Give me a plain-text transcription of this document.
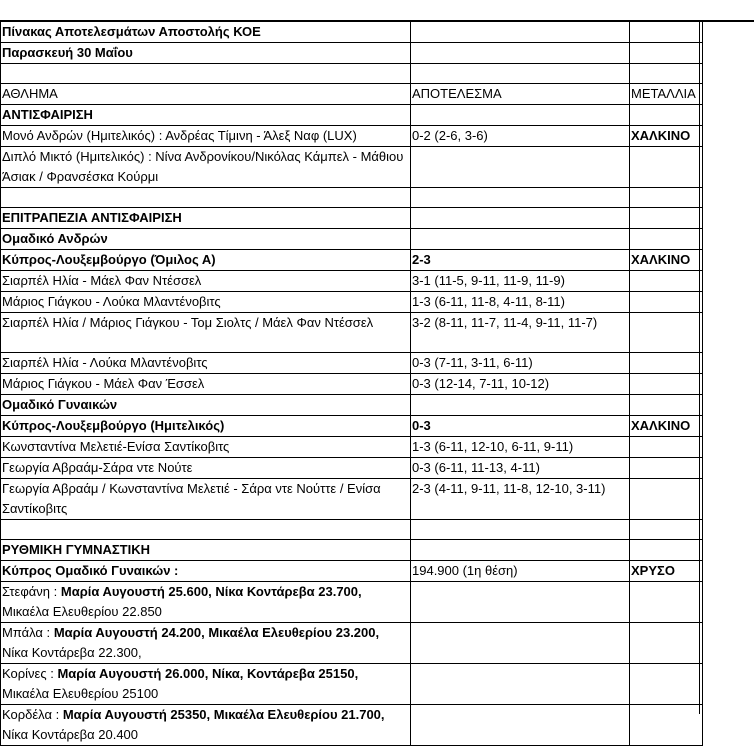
Πίνακας Αποτελεσμάτων Αποστολής ΚΟΕ		
Παρασκευή 30 Μαΐου		

ΑΘΛΗΜΑ	ΑΠΟΤΕΛΕΣΜΑ	ΜΕΤΑΛΛΙΑ
ΑΝΤΙΣΦΑΙΡΙΣΗ		
Μονό Ανδρών (Ημιτελικός) : Ανδρέας Τίμινη - Άλεξ Ναφ (LUX)	0-2 (2-6, 3-6)	ΧΑΛΚΙΝΟ
Διπλό Μικτό (Ημιτελικός) : Νίνα Ανδρονίκου/Νικόλας Κάμπελ - Μάθιου Άσιακ / Φρανσέσκα Κούρμι		

ΕΠΙΤΡΑΠΕΖΙΑ ΑΝΤΙΣΦΑΙΡΙΣΗ		
Ομαδικό Ανδρών		
Κύπρος-Λουξεμβούργο (Όμιλος Α)	2-3	ΧΑΛΚΙΝΟ
Σιαρπέλ Ηλία - Μάελ Φαν Ντέσσελ	3-1 (11-5, 9-11, 11-9, 11-9)	
Μάριος Γιάγκου - Λούκα Μλαντένοβιτς	1-3 (6-11, 11-8, 4-11, 8-11)	
Σιαρπέλ Ηλία / Μάριος Γιάγκου - Τομ Σιολτς / Μάελ Φαν Ντέσσελ	3-2 (8-11, 11-7, 11-4, 9-11, 11-7)	
Σιαρπέλ Ηλία - Λούκα Μλαντένοβιτς	0-3 (7-11, 3-11, 6-11)	
Μάριος Γιάγκου - Μάελ Φαν Έσσελ	0-3 (12-14, 7-11, 10-12)	
Ομαδικό Γυναικών		
Κύπρος-Λουξεμβούργο (Ημιτελικός)	0-3	ΧΑΛΚΙΝΟ
Κωνσταντίνα Μελετιέ-Ενίσα Σαντίκοβιτς	1-3 (6-11, 12-10, 6-11, 9-11)	
Γεωργία Αβραάμ-Σάρα ντε Νούτε	0-3 (6-11, 11-13, 4-11)	
Γεωργία Αβραάμ / Κωνσταντίνα Μελετιέ - Σάρα ντε Νούττε / Ενίσα Σαντίκοβιτς	2-3 (4-11, 9-11, 11-8, 12-10, 3-11)	

ΡΥΘΜΙΚΗ ΓΥΜΝΑΣΤΙΚΗ		
Κύπρος Ομαδικό Γυναικών :	194.900 (1η θέση)	ΧΡΥΣΟ
Στεφάνη : Μαρία Αυγουστή 25.600, Νίκα Κοντάρεβα 23.700,
Μικαέλα Ελευθερίου 22.850		
Μπάλα : Μαρία Αυγουστή 24.200, Μικαέλα Ελευθερίου 23.200,
Νίκα Κοντάρεβα 22.300,		
Κορίνες : Μαρία Αυγουστή 26.000, Νίκα, Κοντάρεβα 25150,
Μικαέλα Ελευθερίου 25100		
Κορδέλα : Μαρία Αυγουστή 25350, Μικαέλα Ελευθερίου 21.700,
Νίκα Κοντάρεβα 20.400		
